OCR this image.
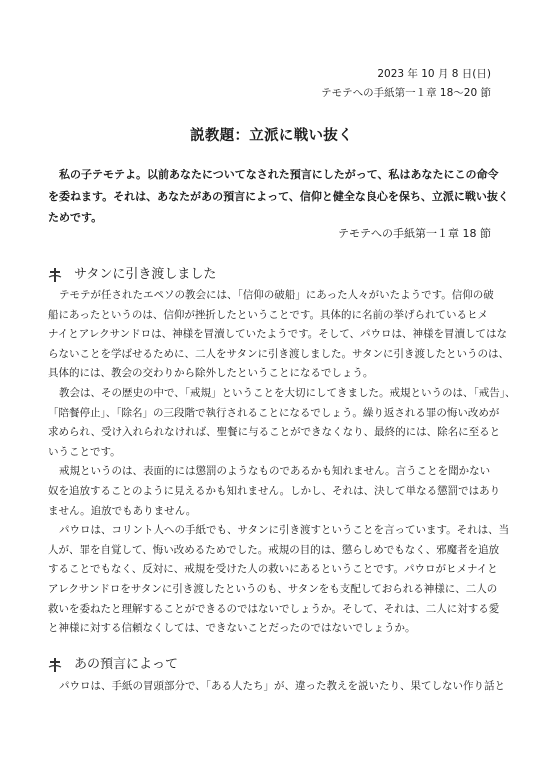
2023 年 10 月 8 日(日)
テモテへの手紙第一１章 18～20 節
説教題：立派に戦い抜く
私の子テモテよ。以前あなたについてなされた預言にしたがって、私はあなたにこの命令
を委ねます。それは、あなたがあの預言によって、信仰と健全な良心を保ち、立派に戦い抜く
ためです。
テモテへの手紙第一１章 18 節
サタンに引き渡しました
テモテが任されたエペソの教会には、「信仰の破船」にあった人々がいたようです。信仰の破
船にあったというのは、信仰が挫折したということです。具体的に名前の挙げられているヒメ
ナイとアレクサンドロは、神様を冒瀆していたようです。そして、パウロは、神様を冒瀆してはな
らないことを学ばせるために、二人をサタンに引き渡しました。サタンに引き渡したというのは、
具体的には、教会の交わりから除外したということになるでしょう。
教会は、その歴史の中で、「戒規」ということを大切にしてきました。戒規というのは、「戒告」、
「陪餐停止」、「除名」の三段階で執行されることになるでしょう。繰り返される罪の悔い改めが
求められ、受け入れられなければ、聖餐に与ることができなくなり、最終的には、除名に至ると
いうことです。
戒規というのは、表面的には懲罰のようなものであるかも知れません。言うことを聞かない
奴を追放することのように見えるかも知れません。しかし、それは、決して単なる懲罰ではあり
ません。追放でもありません。
パウロは、コリント人への手紙でも、サタンに引き渡すということを言っています。それは、当
人が、罪を自覚して、悔い改めるためでした。戒規の目的は、懲らしめでもなく、邪魔者を追放
することでもなく、反対に、戒規を受けた人の救いにあるということです。パウロがヒメナイと
アレクサンドロをサタンに引き渡したというのも、サタンをも支配しておられる神様に、二人の
救いを委ねたと理解することができるのではないでしょうか。そして、それは、二人に対する愛
と神様に対する信頼なくしては、できないことだったのではないでしょうか。
あの預言によって
パウロは、手紙の冒頭部分で、「ある人たち」が、違った教えを説いたり、果てしない作り話と
